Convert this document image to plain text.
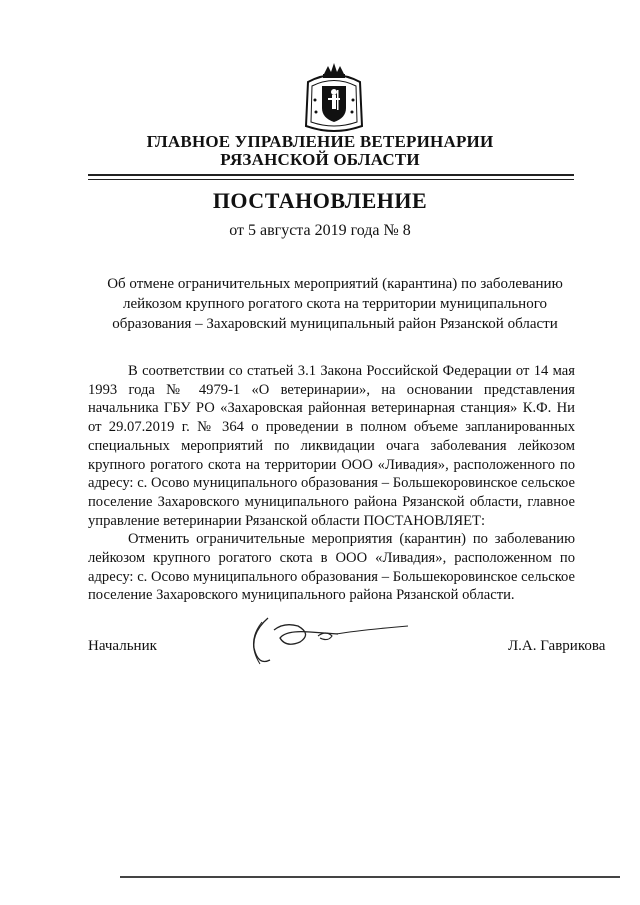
ГЛАВНОЕ УПРАВЛЕНИЕ ВЕТЕРИНАРИИ
РЯЗАНСКОЙ ОБЛАСТИ
ПОСТАНОВЛЕНИЕ
от 5 августа 2019 года № 8
Об отмене ограничительных мероприятий (карантина) по заболеванию лейкозом крупного рогатого скота на территории муниципального образования – Захаровский муниципальный район Рязанской области

В соответствии со статьей 3.1 Закона Российской Федерации от 14 мая 1993 года № 4979-1 «О ветеринарии», на основании представления начальника ГБУ РО «Захаровская районная ветеринарная станция» К.Ф. Ни от 29.07.2019 г. № 364 о проведении в полном объеме запланированных специальных мероприятий по ликвидации очага заболевания лейкозом крупного рогатого скота на территории ООО «Ливадия», расположенного по адресу: с. Осово муниципального образования – Большекоровинское сельское поселение Захаровского муниципального района Рязанской области, главное управление ветеринарии Рязанской области ПОСТАНОВЛЯЕТ:

Отменить ограничительные мероприятия (карантин) по заболеванию лейкозом крупного рогатого скота в ООО «Ливадия», расположенном по адресу: с. Осово муниципального образования – Большекоровинское сельское поселение Захаровского муниципального района Рязанской области.

Начальник	Л.А. Гаврикова
